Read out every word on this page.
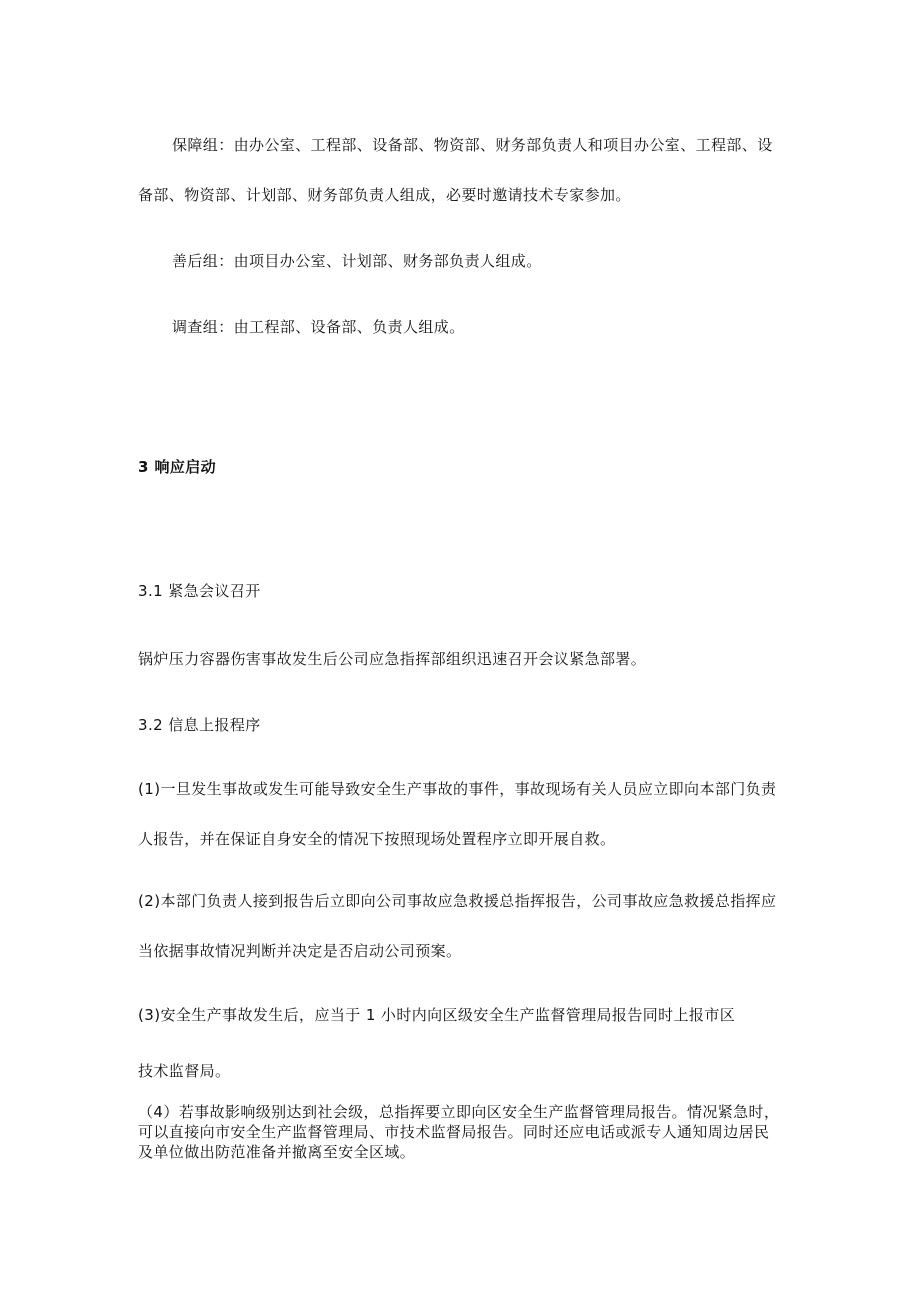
保障组：由办公室、工程部、设备部、物资部、财务部负责人和项目办公室、工程部、设
备部、物资部、计划部、财务部负责人组成，必要时邀请技术专家参加。
善后组：由项目办公室、计划部、财务部负责人组成。
调查组：由工程部、设备部、负责人组成。
3 响应启动
3.1 紧急会议召开
锅炉压力容器伤害事故发生后公司应急指挥部组织迅速召开会议紧急部署。
3.2 信息上报程序
(1)一旦发生事故或发生可能导致安全生产事故的事件，事故现场有关人员应立即向本部门负责
人报告，并在保证自身安全的情况下按照现场处置程序立即开展自救。
(2)本部门负责人接到报告后立即向公司事故应急救援总指挥报告，公司事故应急救援总指挥应
当依据事故情况判断并决定是否启动公司预案。
(3)安全生产事故发生后，应当于 1 小时内向区级安全生产监督管理局报告同时上报市区
技术监督局。
（4）若事故影响级别达到社会级，总指挥要立即向区安全生产监督管理局报告。情况紧急时，
可以直接向市安全生产监督管理局、市技术监督局报告。同时还应电话或派专人通知周边居民
及单位做出防范准备并撤离至安全区域。
